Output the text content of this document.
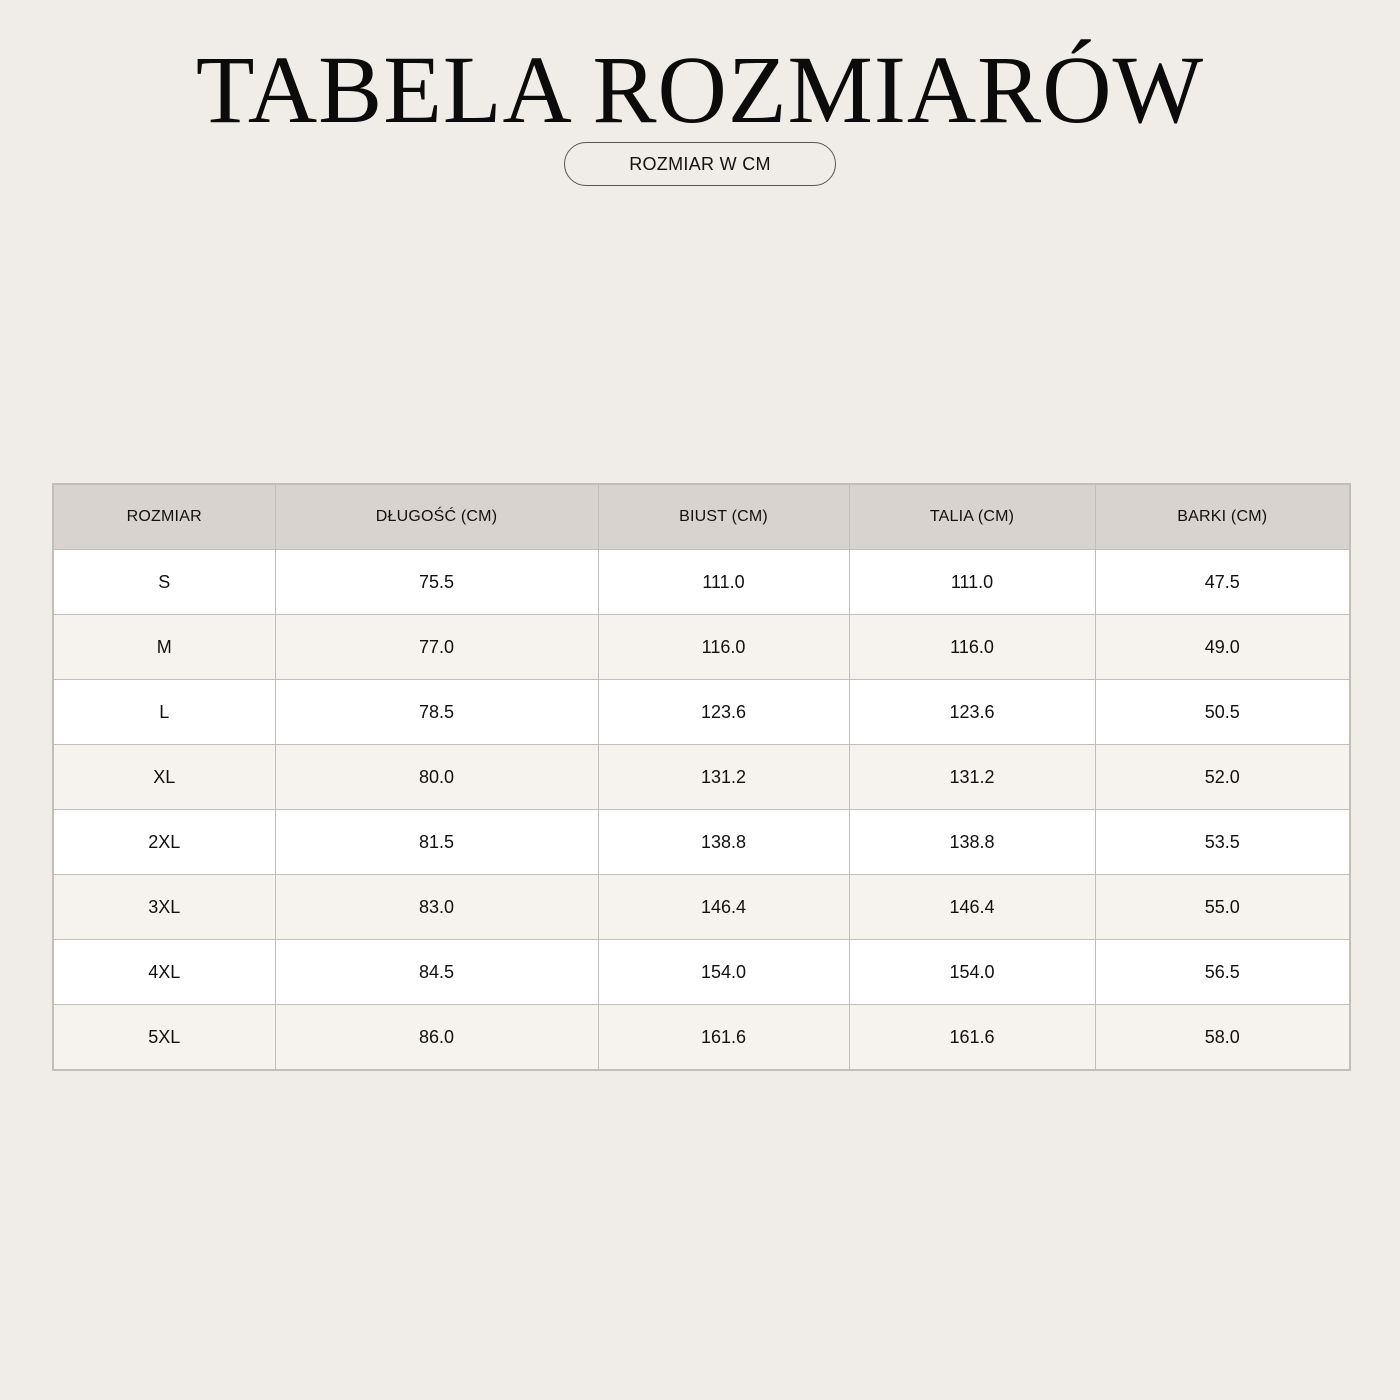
TABELA ROZMIARÓW
ROZMIAR W CM
ROZMIAR	DŁUGOŚĆ (CM)	BIUST (CM)	TALIA (CM)	BARKI (CM)
S	75.5	111.0	111.0	47.5
M	77.0	116.0	116.0	49.0
L	78.5	123.6	123.6	50.5
XL	80.0	131.2	131.2	52.0
2XL	81.5	138.8	138.8	53.5
3XL	83.0	146.4	146.4	55.0
4XL	84.5	154.0	154.0	56.5
5XL	86.0	161.6	161.6	58.0
